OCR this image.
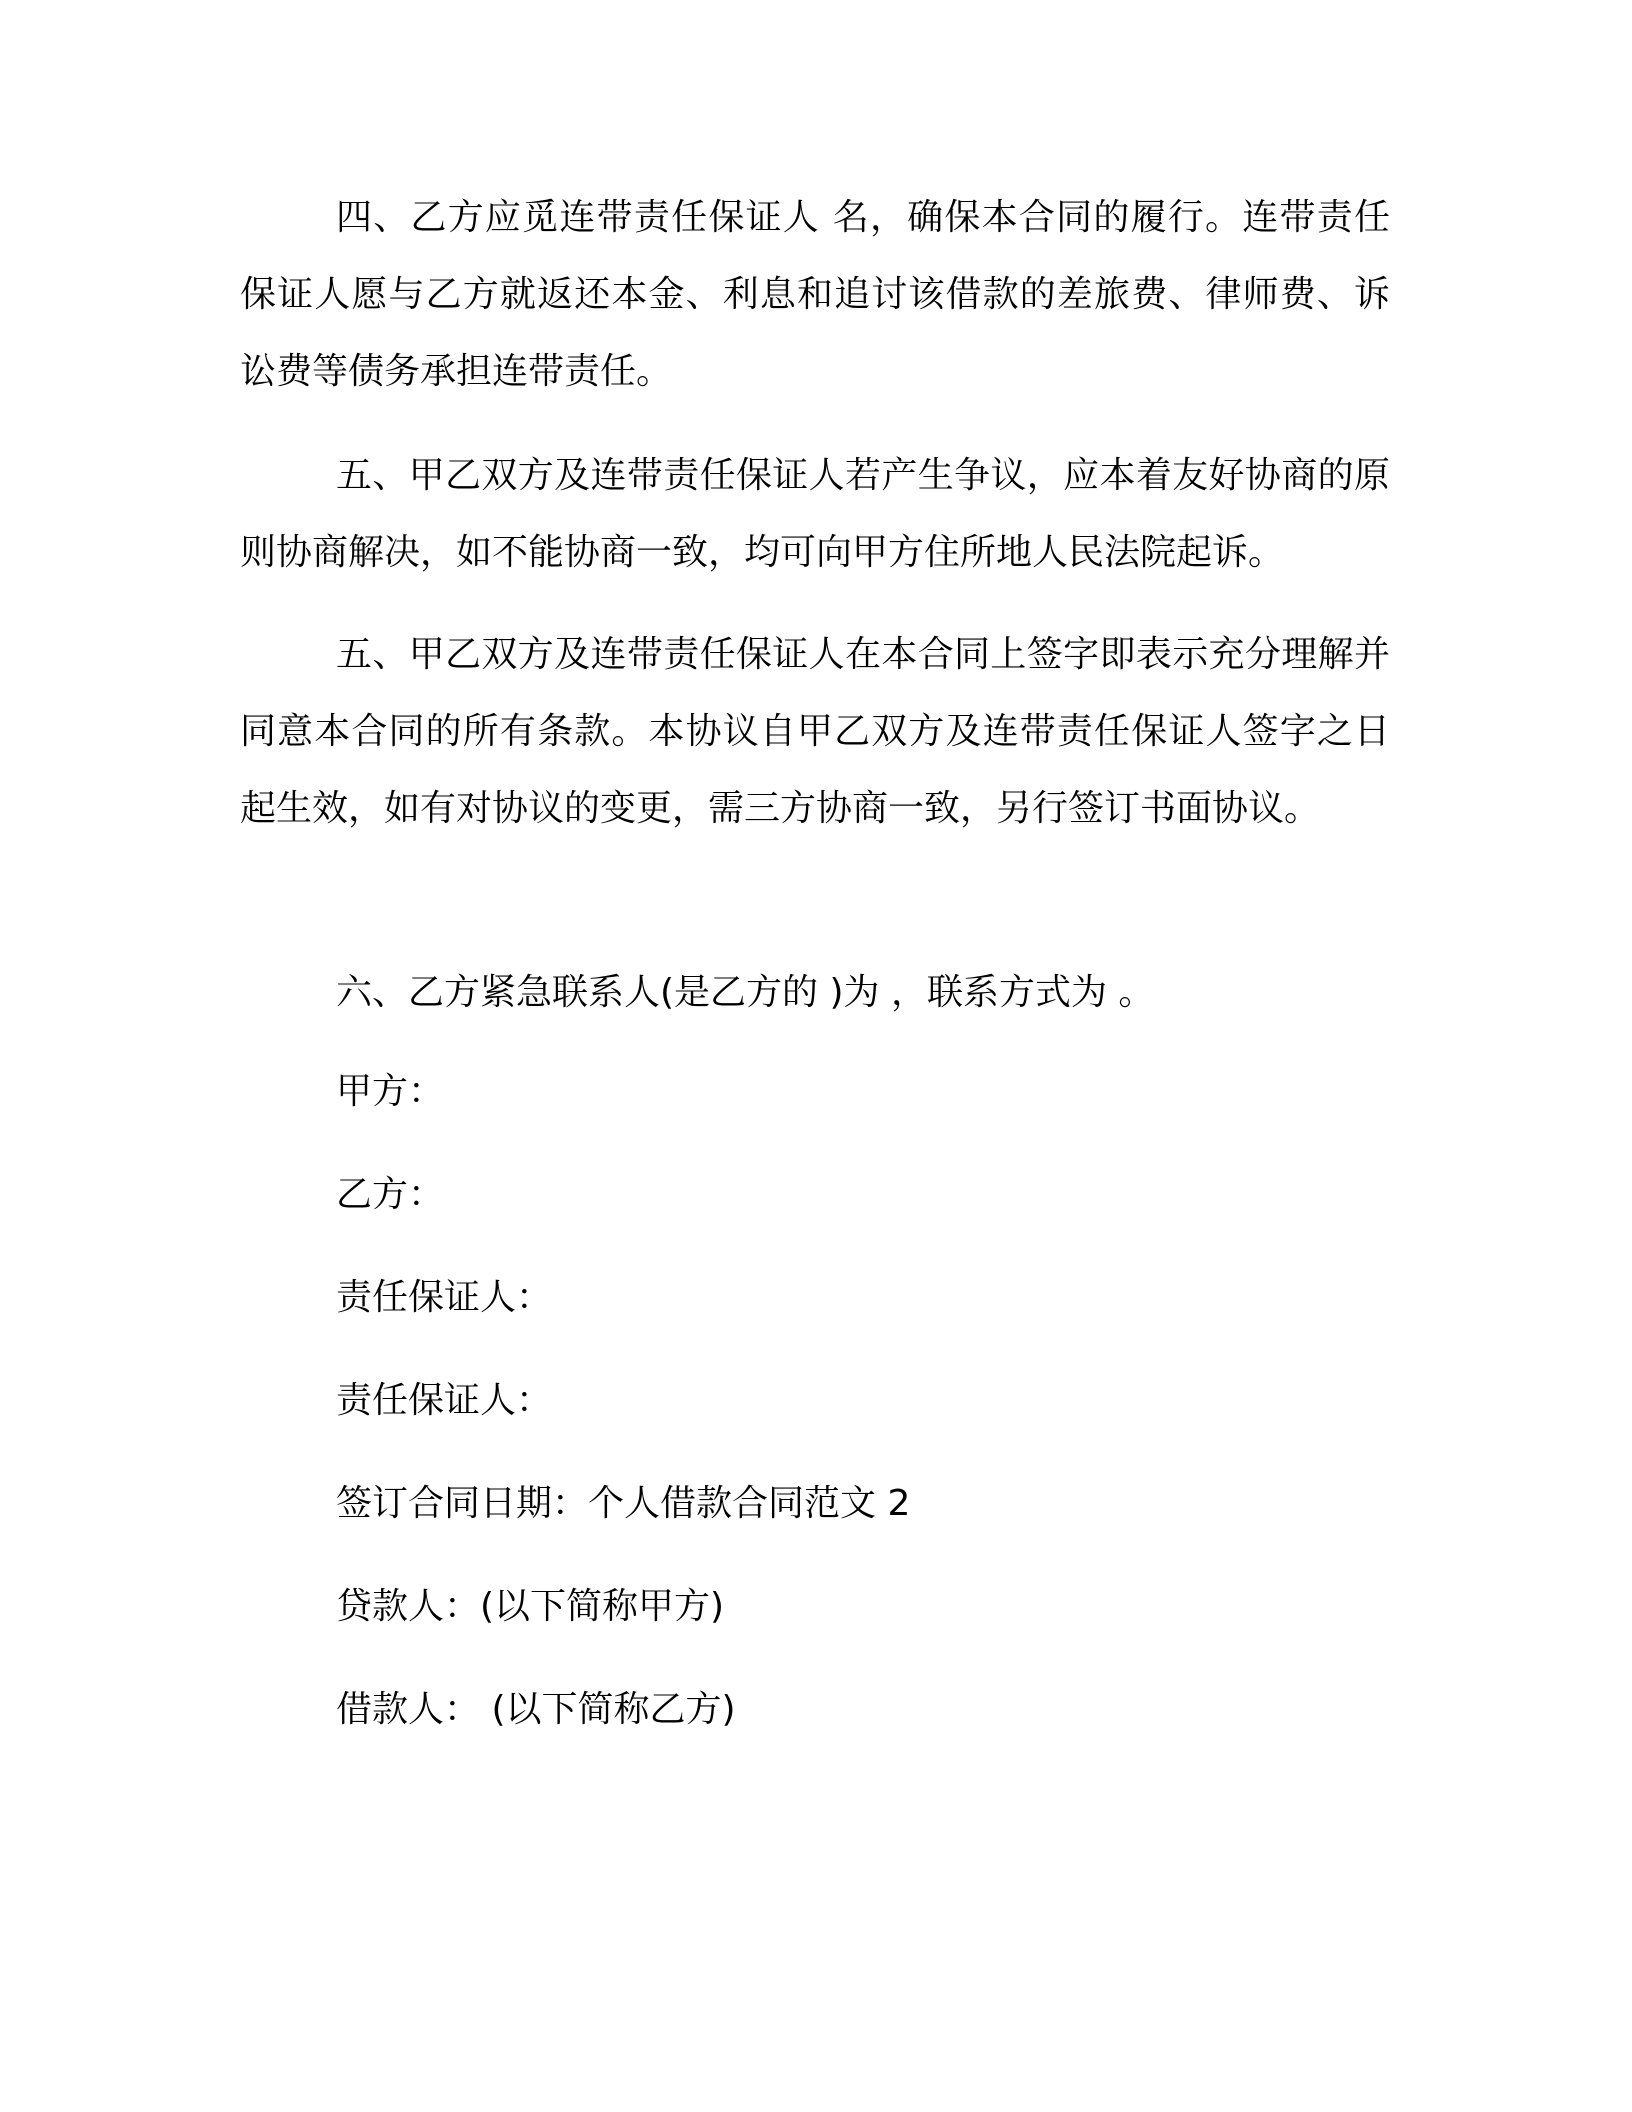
四、乙方应觅连带责任保证人 名，确保本合同的履行。连带责任保证人愿与乙方就返还本金、利息和追讨该借款的差旅费、律师费、诉讼费等债务承担连带责任。

五、甲乙双方及连带责任保证人若产生争议，应本着友好协商的原则协商解决，如不能协商一致，均可向甲方住所地人民法院起诉。

五、甲乙双方及连带责任保证人在本合同上签字即表示充分理解并同意本合同的所有条款。本协议自甲乙双方及连带责任保证人签字之日起生效，如有对协议的变更，需三方协商一致，另行签订书面协议。

六、乙方紧急联系人(是乙方的 )为 ，联系方式为 。

甲方：

乙方：

责任保证人：

责任保证人：

签订合同日期：个人借款合同范文 2

贷款人：(以下简称甲方)

借款人： (以下简称乙方)
